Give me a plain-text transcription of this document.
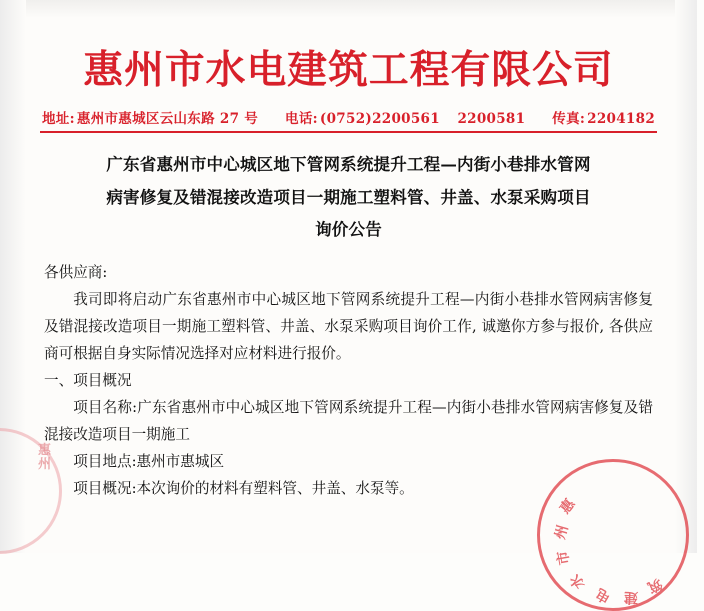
惠州市水电建筑工程有限公司
地址: 惠州市惠城区云山东路 27 号 电话: (0752)2200561 2200581 传真: 2204182
广东省惠州市中心城区地下管网系统提升工程—内街小巷排水管网
病害修复及错混接改造项目一期施工塑料管、井盖、水泵采购项目
询价公告

各供应商:

我司即将启动广东省惠州市中心城区地下管网系统提升工程—内街小巷排水管网病害修复及错混接改造项目一期施工塑料管、井盖、水泵采购项目询价工作, 诚邀你方参与报价, 各供应商可根据自身实际情况选择对应材料进行报价。

一、项目概况

项目名称:广东省惠州市中心城区地下管网系统提升工程—内街小巷排水管网病害修复及错混接改造项目一期施工

项目地点:惠州市惠城区

项目概况:本次询价的材料有塑料管、井盖、水泵等。

惠
州
市
水
电 建
筑
惠
州
